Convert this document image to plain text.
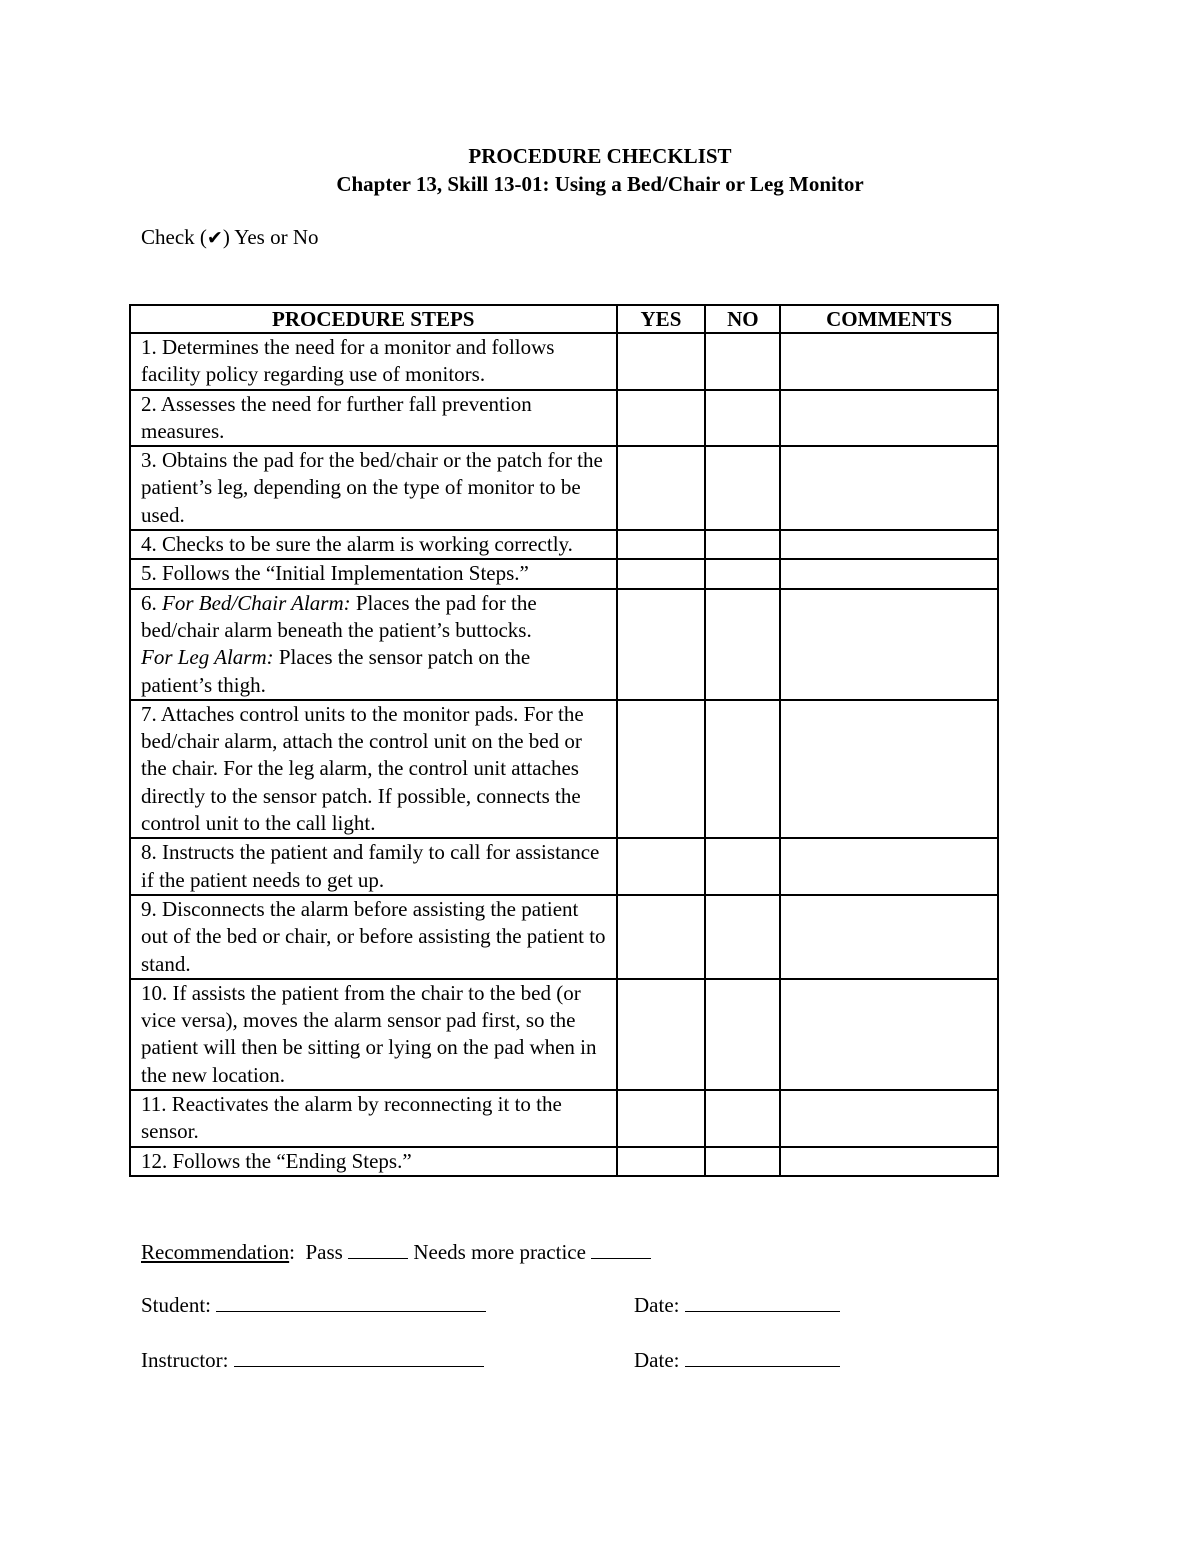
PROCEDURE CHECKLIST
Chapter 13, Skill 13-01: Using a Bed/Chair or Leg Monitor
Check (✔) Yes or No
PROCEDURE STEPS	YES	NO	COMMENTS
1. Determines the need for a monitor and follows facility policy regarding use of monitors.			
2. Assesses the need for further fall prevention measures.			
3. Obtains the pad for the bed/chair or the patch for the patient’s leg, depending on the type of monitor to be used.			
4. Checks to be sure the alarm is working correctly.			
5. Follows the “Initial Implementation Steps.”			
6. For Bed/Chair Alarm: Places the pad for the bed/chair alarm beneath the patient’s buttocks.
For Leg Alarm: Places the sensor patch on the patient’s thigh.			
7. Attaches control units to the monitor pads. For the bed/chair alarm, attach the control unit on the bed or the chair. For the leg alarm, the control unit attaches directly to the sensor patch. If possible, connects the control unit to the call light.			
8. Instructs the patient and family to call for assistance if the patient needs to get up.			
9. Disconnects the alarm before assisting the patient out of the bed or chair, or before assisting the patient to stand.			
10. If assists the patient from the chair to the bed (or vice versa), moves the alarm sensor pad first, so the patient will then be sitting or lying on the pad when in the new location.			
11. Reactivates the alarm by reconnecting it to the sensor.			
12. Follows the “Ending Steps.”			
Recommendation: Pass	Needs more practice
Student:	Date:
Instructor:	Date:
